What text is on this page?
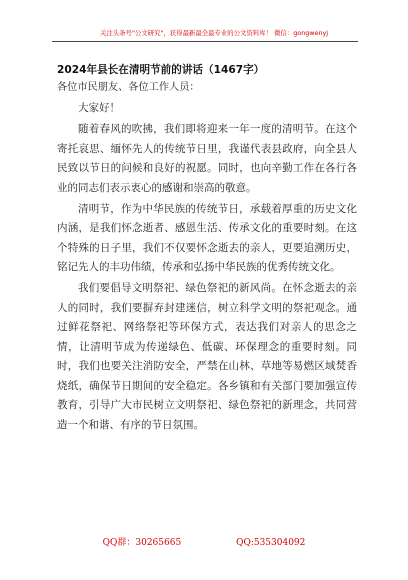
关注头条号"公文研究"，获得最新最全最专业的公文资料库！ 微信：gongwenyj
2024年县长在清明节前的讲话（1467字）
各位市民朋友、各位工作人员：

大家好！

随着春风的吹拂，我们即将迎来一年一度的清明节。在这个寄托哀思、缅怀先人的传统节日里，我谨代表县政府，向全县人民致以节日的问候和良好的祝愿。同时，也向辛勤工作在各行各业的同志们表示衷心的感谢和崇高的敬意。

清明节，作为中华民族的传统节日，承载着厚重的历史文化内涵，是我们怀念逝者、感恩生活、传承文化的重要时刻。在这个特殊的日子里，我们不仅要怀念逝去的亲人，更要追溯历史，铭记先人的丰功伟绩，传承和弘扬中华民族的优秀传统文化。

我们要倡导文明祭祀、绿色祭祀的新风尚。在怀念逝去的亲人的同时，我们要摒弃封建迷信，树立科学文明的祭祀观念。通过鲜花祭祀、网络祭祀等环保方式，表达我们对亲人的思念之情，让清明节成为传递绿色、低碳、环保理念的重要时刻。同时，我们也要关注消防安全，严禁在山林、草地等易燃区域焚香烧纸，确保节日期间的安全稳定。各乡镇和有关部门要加强宣传教育，引导广大市民树立文明祭祀、绿色祭祀的新理念，共同营造一个和谐、有序的节日氛围。

QQ群：30265665	QQ:535304092
